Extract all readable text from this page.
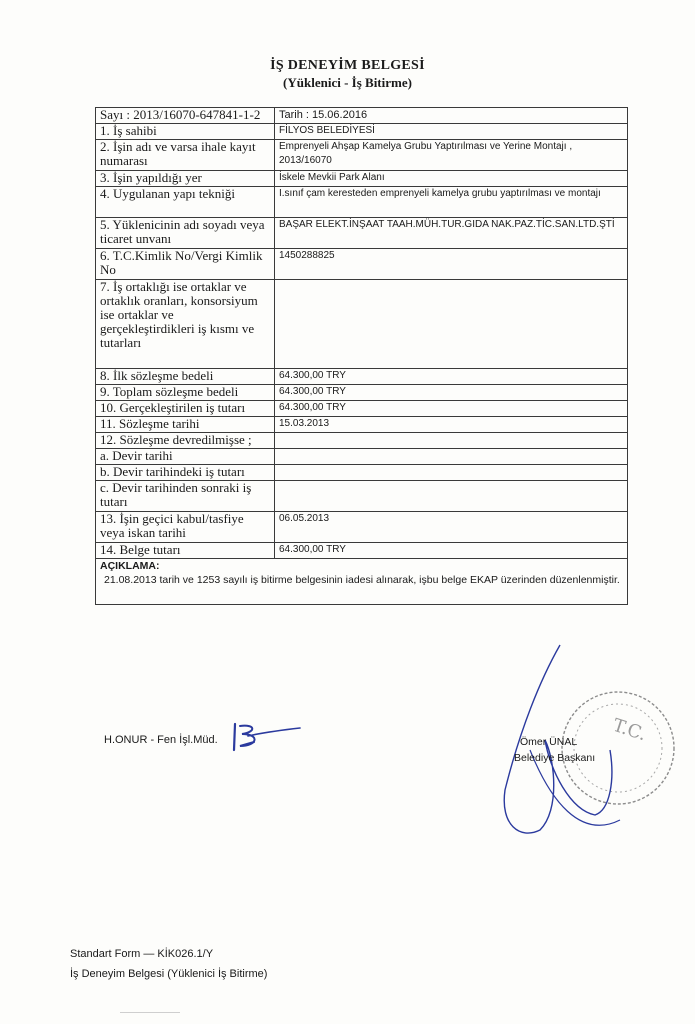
İŞ DENEYİM BELGESİ
(Yüklenici - İş Bitirme)
Sayı : 2013/16070-647841-1-2	Tarih : 15.06.2016
1. İş sahibi	FİLYOS BELEDİYESİ
2. İşin adı ve varsa ihale kayıt numarası	Emprenyeli Ahşap Kamelya Grubu Yaptırılması ve Yerine Montajı , 2013/16070
3. İşin yapıldığı yer	İskele Mevkii Park Alanı
4. Uygulanan yapı tekniği	I.sınıf çam keresteden emprenyeli kamelya grubu yaptırılması ve montajı
5. Yüklenicinin adı soyadı veya ticaret unvanı	BAŞAR ELEKT.İNŞAAT TAAH.MÜH.TUR.GIDA NAK.PAZ.TİC.SAN.LTD.ŞTİ
6. T.C.Kimlik No/Vergi Kimlik No	1450288825
7. İş ortaklığı ise ortaklar ve ortaklık oranları, konsorsiyum ise ortaklar ve gerçekleştirdikleri iş kısmı ve tutarları	
8. İlk sözleşme bedeli	64.300,00 TRY
9. Toplam sözleşme bedeli	64.300,00 TRY
10. Gerçekleştirilen iş tutarı	64.300,00 TRY
11. Sözleşme tarihi	15.03.2013
12. Sözleşme devredilmişse ;	
a. Devir tarihi	
b. Devir tarihindeki iş tutarı	
c. Devir tarihinden sonraki iş tutarı	
13. İşin geçici kabul/tasfiye veya iskan tarihi	06.05.2013
14. Belge tutarı	64.300,00 TRY

AÇIKLAMA:
21.08.2013 tarih ve 1253 sayılı iş bitirme belgesinin iadesi alınarak, işbu belge EKAP üzerinden düzenlenmiştir.	
H.ONUR - Fen İşl.Müd.	T.C.
Ömer ÜNAL
Belediye Başkanı
Standart Form — KİK026.1/Y
İş Deneyim Belgesi (Yüklenici İş Bitirme)
